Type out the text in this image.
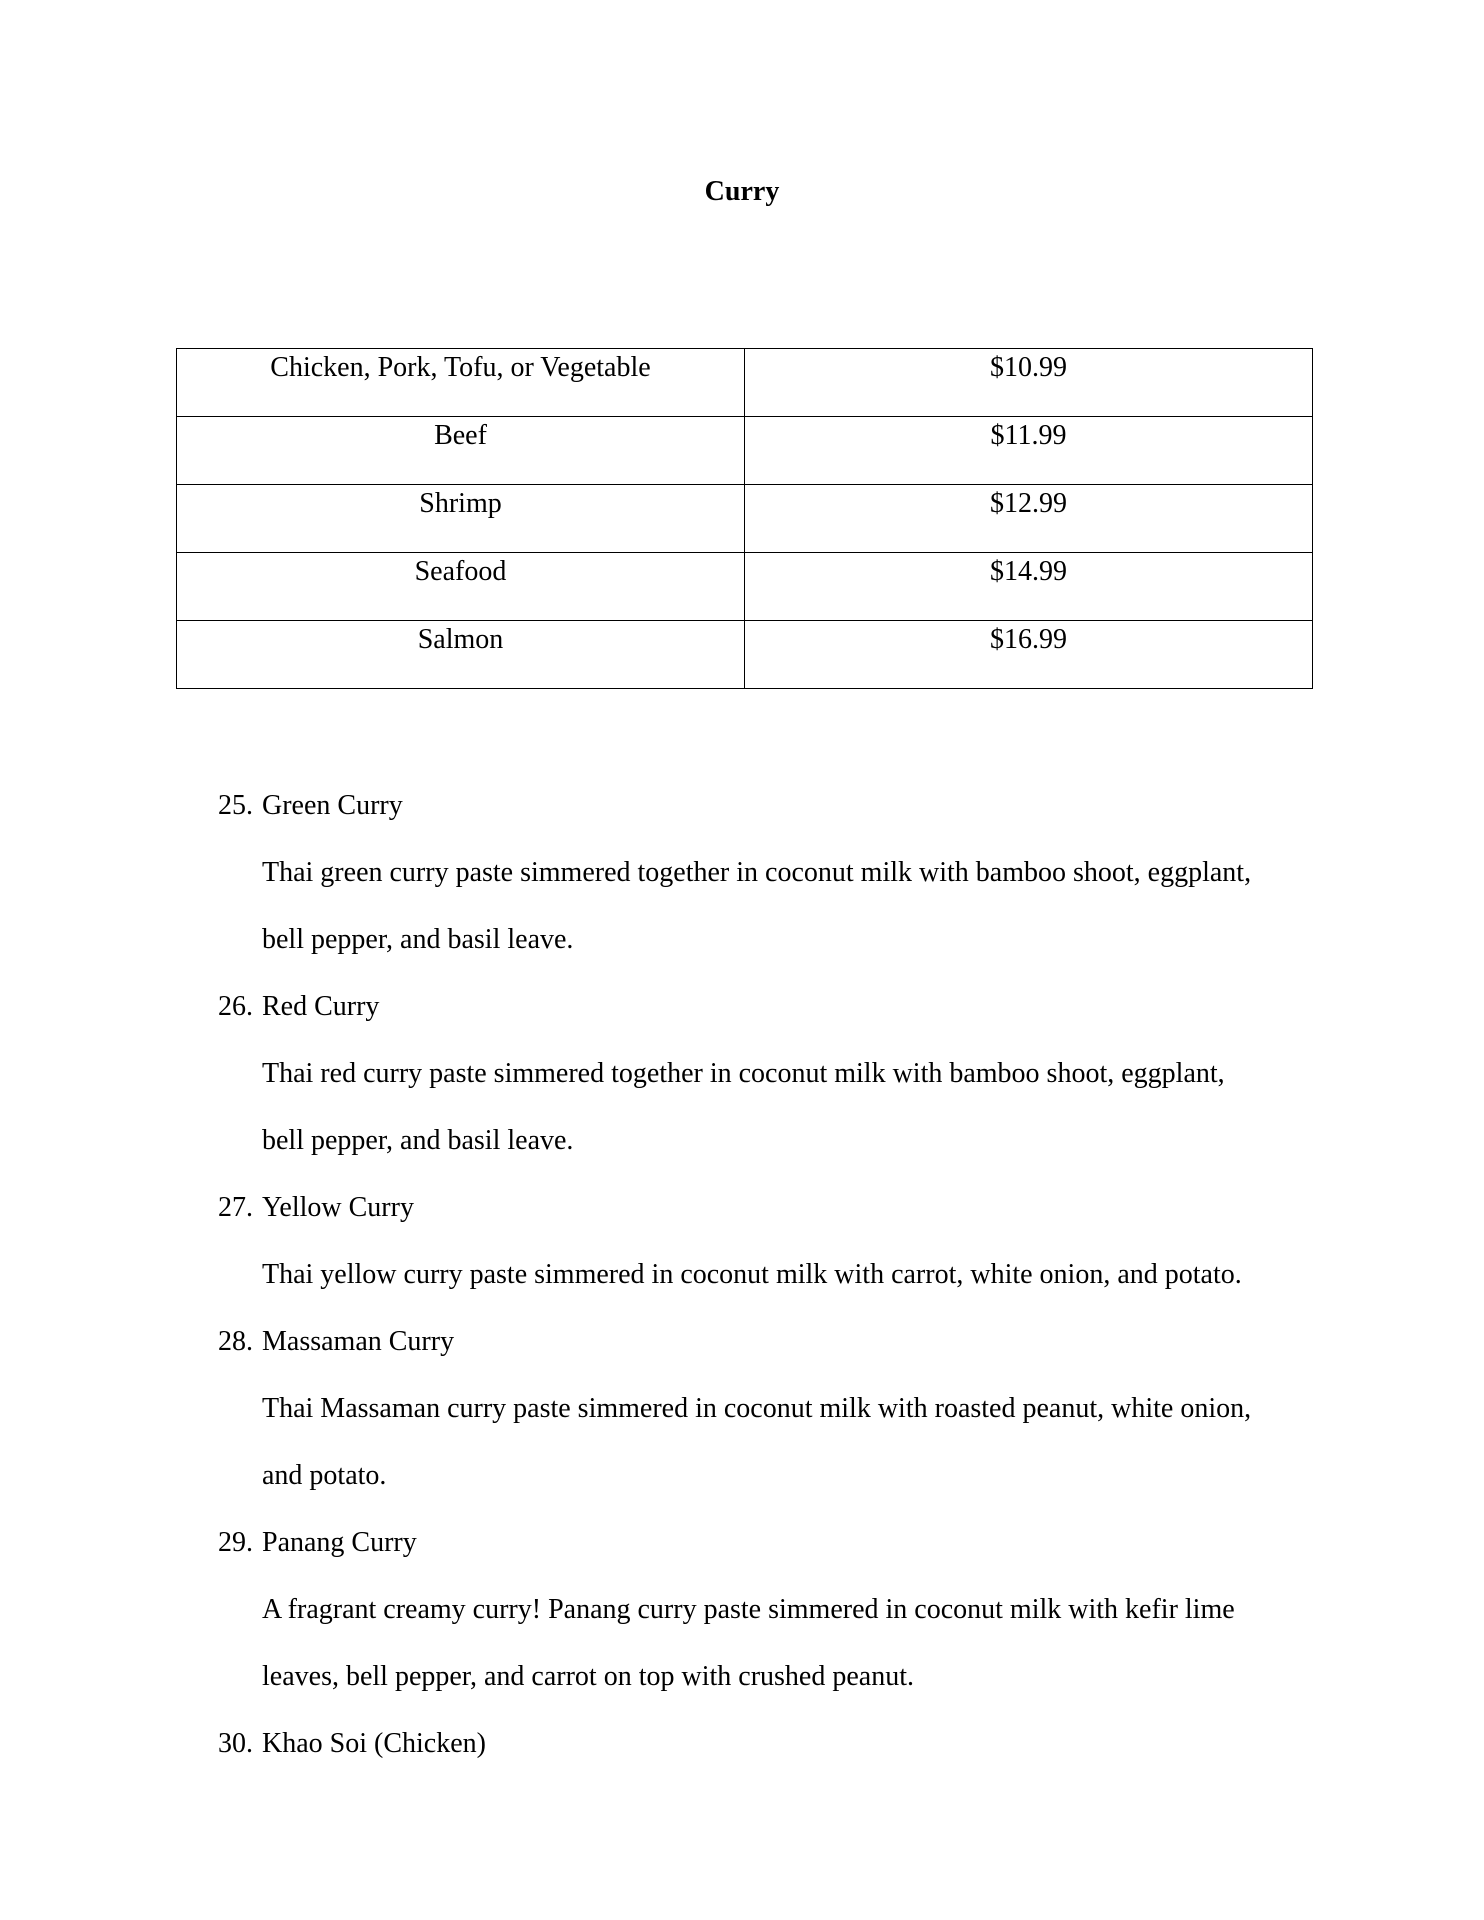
Curry
Chicken, Pork, Tofu, or Vegetable	$10.99

Beef	$11.99

Shrimp	$12.99

Seafood	$14.99

Salmon	$16.99
25. Green Curry
Thai green curry paste simmered together in coconut milk with bamboo shoot, eggplant,
bell pepper, and basil leave.
26. Red Curry
Thai red curry paste simmered together in coconut milk with bamboo shoot, eggplant,
bell pepper, and basil leave.
27. Yellow Curry
Thai yellow curry paste simmered in coconut milk with carrot, white onion, and potato.
28. Massaman Curry
Thai Massaman curry paste simmered in coconut milk with roasted peanut, white onion,
and potato.
29. Panang Curry
A fragrant creamy curry! Panang curry paste simmered in coconut milk with kefir lime
leaves, bell pepper, and carrot on top with crushed peanut.
30. Khao Soi (Chicken)
